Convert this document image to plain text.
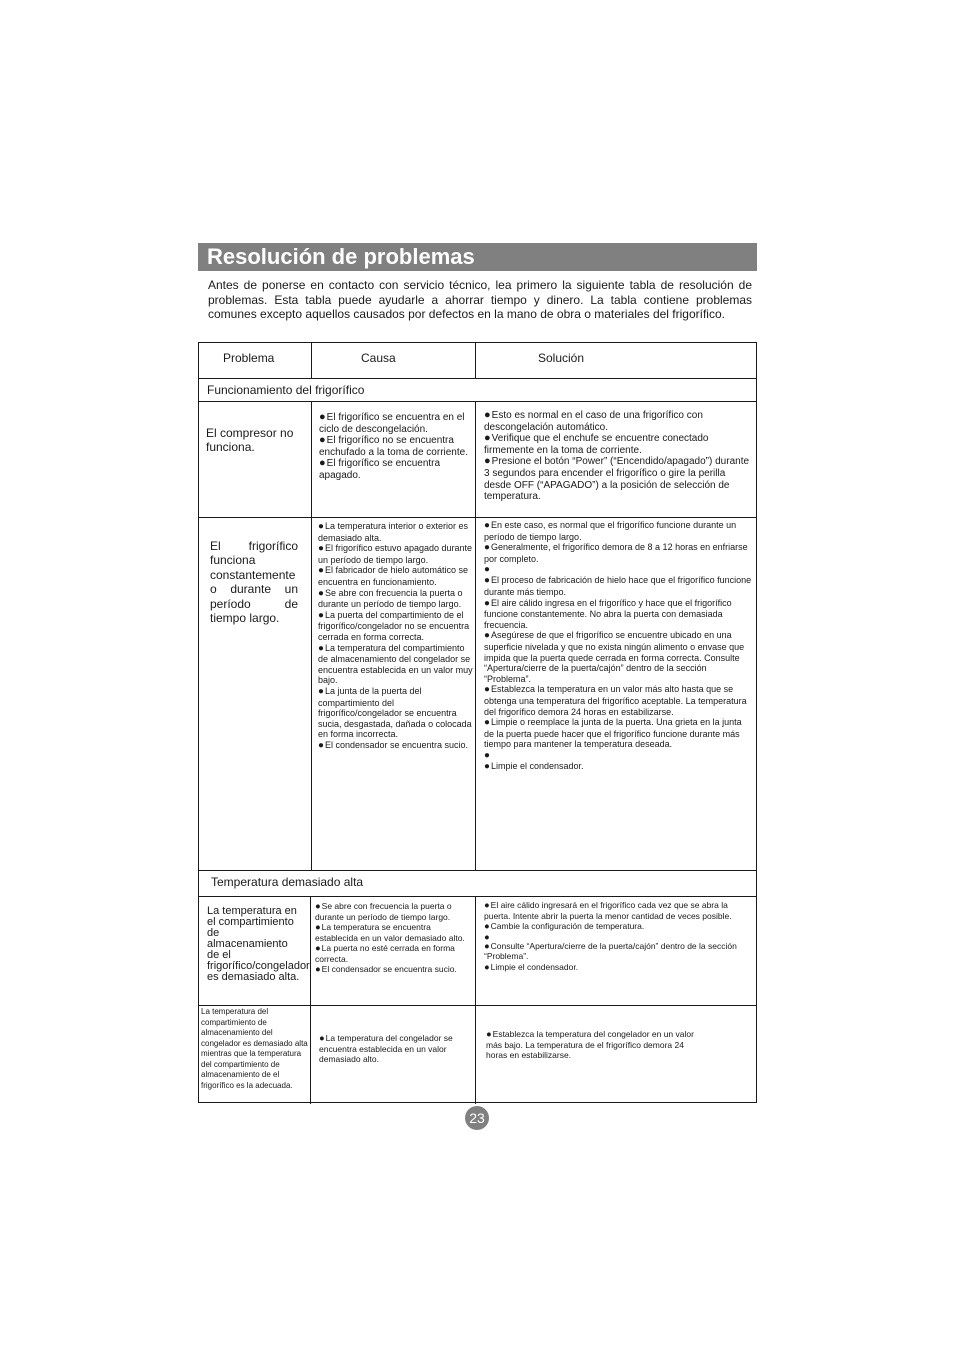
Resolución de problemas

Antes de ponerse en contacto con servicio técnico, lea primero la siguiente tabla de resolución de problemas. Esta tabla puede ayudarle a ahorrar tiempo y dinero. La tabla contiene problemas comunes excepto aquellos causados por defectos en la mano de obra o materiales del frigorífico.

Problema	Causa	Solución
Funcionamiento del frigorífico
El compresor no funciona.
● El frigorífico se encuentra en el ciclo de descongelación.
● El frigorífico no se encuentra enchufado a la toma de corriente.
● El frigorífico se encuentra apagado.
● Esto es normal en el caso de una frigorífico con descongelación automático.
● Verifique que el enchufe se encuentre conectado firmemente en la toma de corriente.
● Presione el botón “Power” (“Encendido/apagado”) durante 3 segundos para encender el frigorífico o gire la perilla desde OFF (“APAGADO”) a la posición de selección de temperatura.
El frigorífico funciona constantemente o durante un período de tiempo largo.
● La temperatura interior o exterior es demasiado alta.
● El frigorífico estuvo apagado durante un período de tiempo largo.
● El fabricador de hielo automático se encuentra en funcionamiento.
● Se abre con frecuencia la puerta o durante un período de tiempo largo.
● La puerta del compartimiento de el frigorífico/congelador no se encuentra cerrada en forma correcta.
● La temperatura del compartimiento de almacenamiento del congelador se encuentra establecida en un valor muy bajo.
● La junta de la puerta del compartimiento del frigorífico/congelador se encuentra sucia, desgastada, dañada o colocada en forma incorrecta.
● El condensador se encuentra sucio.
● En este caso, es normal que el frigorífico funcione durante un período de tiempo largo.
● Generalmente, el frigorífico demora de 8 a 12 horas en enfriarse por completo.
●
● El proceso de fabricación de hielo hace que el frigorífico funcione durante más tiempo.
● El aire cálido ingresa en el frigorífico y hace que el frigorífico funcione constantemente. No abra la puerta con demasiada frecuencia.
● Asegúrese de que el frigorífico se encuentre ubicado en una superficie nivelada y que no exista ningún alimento o envase que impida que la puerta quede cerrada en forma correcta. Consulte “Apertura/cierre de la puerta/cajón” dentro de la sección “Problema”.
● Establezca la temperatura en un valor más alto hasta que se obtenga una temperatura del frigorífico aceptable. La temperatura del frigorífico demora 24 horas en estabilizarse.
● Limpie o reemplace la junta de la puerta. Una grieta en la junta de la puerta puede hacer que el frigorífico funcione durante más tiempo para mantener la temperatura deseada.
●
● Limpie el condensador.
Temperatura demasiado alta
La temperatura en el compartimiento de almacenamiento de el frigorífico/congelador es demasiado alta.
● Se abre con frecuencia la puerta o durante un período de tiempo largo.
● La temperatura se encuentra establecida en un valor demasiado alto.
● La puerta no esté cerrada en forma correcta.
● El condensador se encuentra sucio.
● El aire cálido ingresará en el frigorífico cada vez que se abra la puerta. Intente abrir la puerta la menor cantidad de veces posible.
● Cambie la configuración de temperatura.
●
● Consulte “Apertura/cierre de la puerta/cajón” dentro de la sección “Problema”.
● Limpie el condensador.
La temperatura del compartimiento de almacenamiento del congelador es demasiado alta mientras que la temperatura del compartimiento de almacenamiento de el frigorífico es la adecuada.
● La temperatura del congelador se encuentra establecida en un valor demasiado alto.
● Establezca la temperatura del congelador en un valor más bajo. La temperatura de el frigorífico demora 24 horas en estabilizarse.
23
